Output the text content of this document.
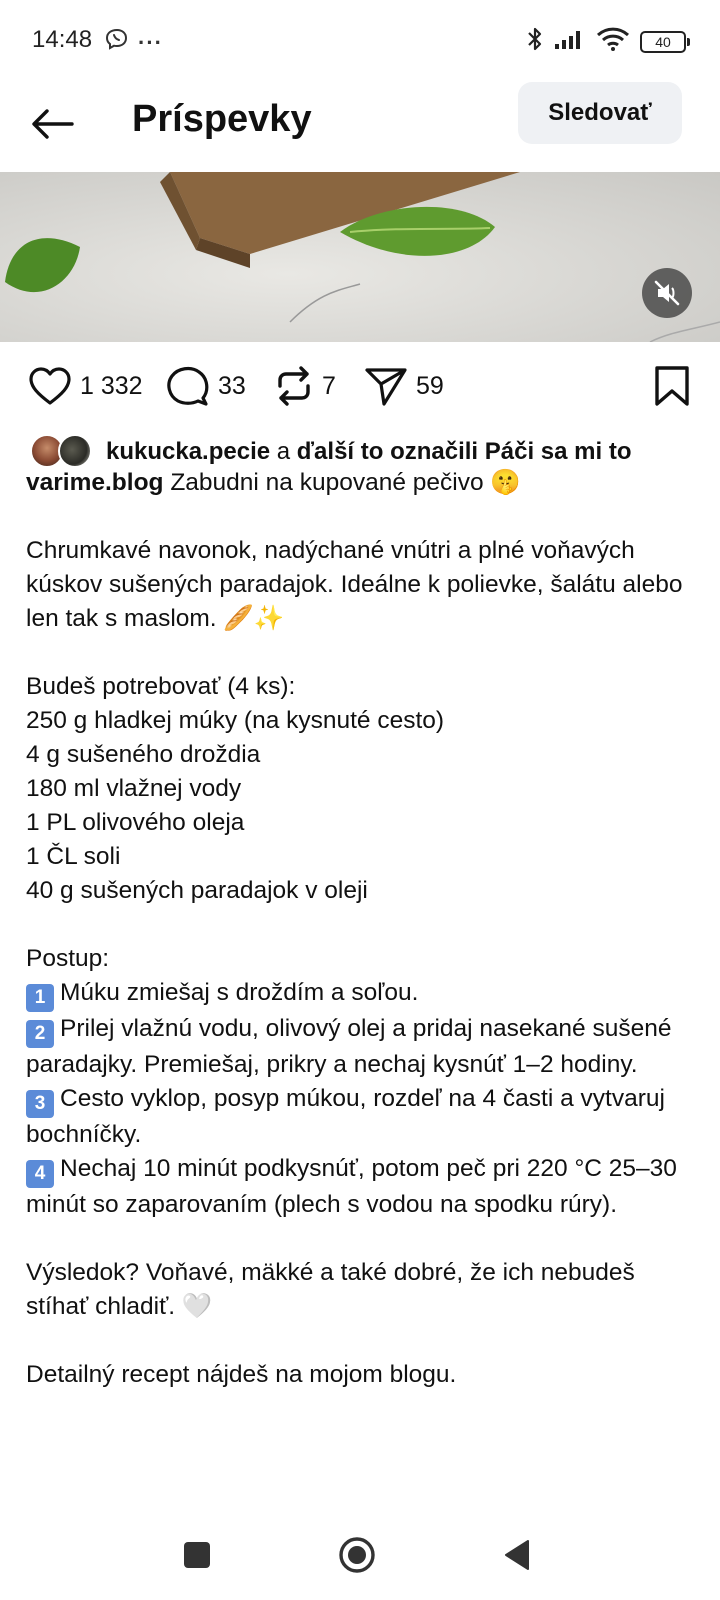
14:48 ···	40
Príspevky	Sledovať
1 332	33	7	59
kukucka.pecie a ďalší to označili Páči sa mi to

varime.blog Zabudni na kupované pečivo 🤫

Chrumkavé navonok, nadýchané vnútri a plné voňavých kúskov sušených paradajok. Ideálne k polievke, šalátu alebo len tak s maslom. 🥖✨

Budeš potrebovať (4 ks):

250 g hladkej múky (na kysnuté cesto)

4 g sušeného droždia

180 ml vlažnej vody

1 PL olivového oleja

1 ČL soli

40 g sušených paradajok v oleji

Postup:

1 Múku zmiešaj s droždím a soľou.

2 Prilej vlažnú vodu, olivový olej a pridaj nasekané sušené paradajky. Premiešaj, prikry a nechaj kysnúť 1–2 hodiny.

3 Cesto vyklop, posyp múkou, rozdeľ na 4 časti a vytvaruj bochníčky.

4 Nechaj 10 minút podkysnúť, potom peč pri 220 °C 25–30 minút so zaparovaním (plech s vodou na spodku rúry).

Výsledok? Voňavé, mäkké a také dobré, že ich nebudeš stíhať chladiť. 🤍

Detailný recept nájdeš na mojom blogu.
